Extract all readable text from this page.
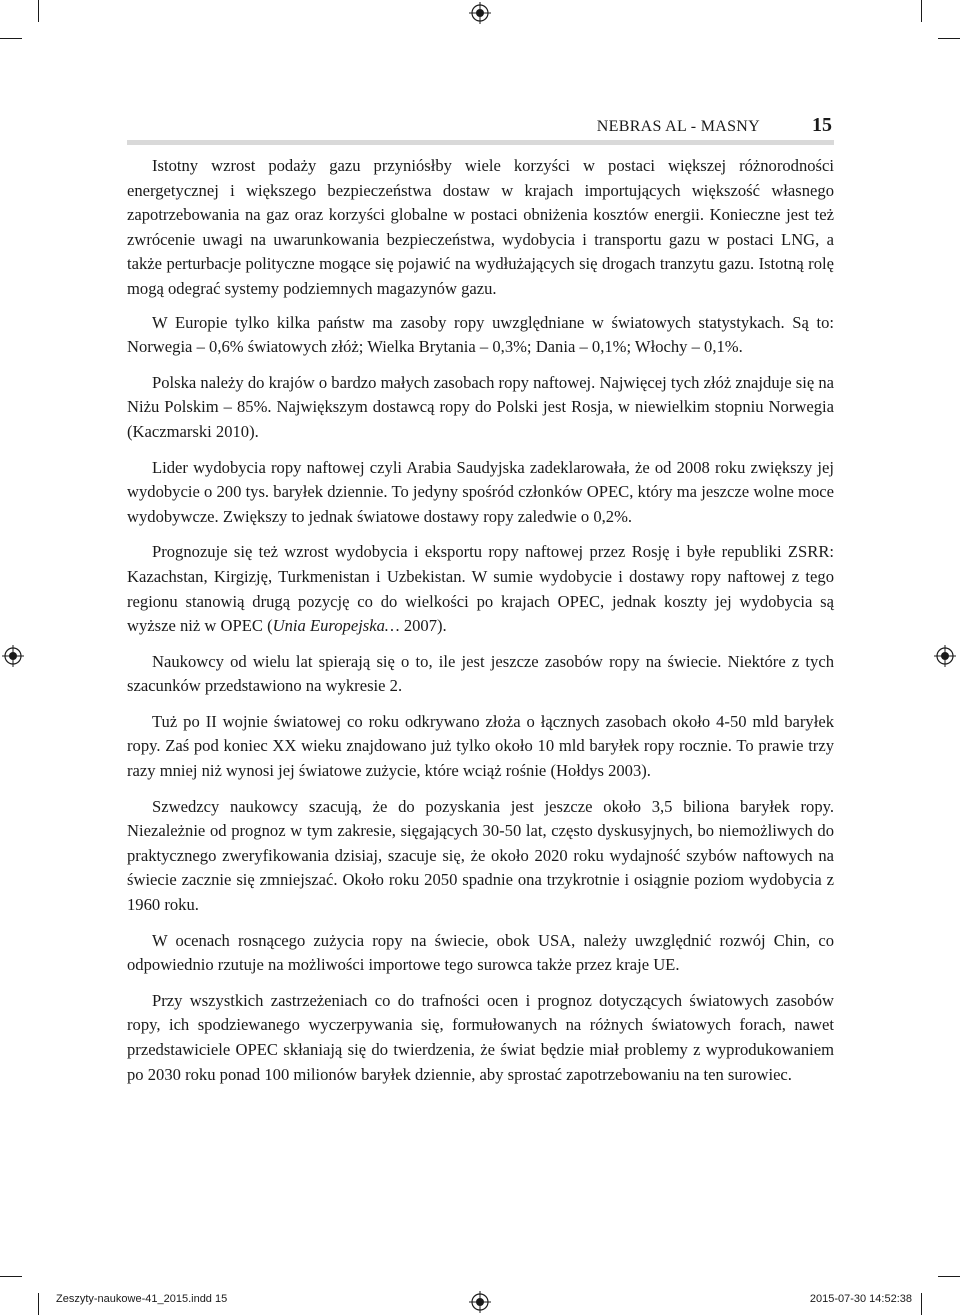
NEBRAS AL - MASNY	15

Istotny wzrost podaży gazu przyniósłby wiele korzyści w postaci większej różnorodności energetycznej i większego bezpieczeństwa dostaw w krajach importujących większość własnego zapotrzebowania na gaz oraz korzyści globalne w postaci obniżenia kosztów energii. Konieczne jest też zwrócenie uwagi na uwarunkowania bezpieczeństwa, wydobycia i transportu gazu w postaci LNG, a także perturbacje polityczne mogące się pojawić na wydłużających się drogach tranzytu gazu. Istotną rolę mogą odegrać systemy podziemnych magazynów gazu.

W Europie tylko kilka państw ma zasoby ropy uwzględniane w światowych statystykach. Są to: Norwegia – 0,6% światowych złóż; Wielka Brytania – 0,3%; Dania – 0,1%; Włochy – 0,1%.

Polska należy do krajów o bardzo małych zasobach ropy naftowej. Najwięcej tych złóż znajduje się na Niżu Polskim – 85%. Największym dostawcą ropy do Polski jest Rosja, w niewielkim stopniu Norwegia (Kaczmarski 2010).

Lider wydobycia ropy naftowej czyli Arabia Saudyjska zadeklarowała, że od 2008 roku zwiększy jej wydobycie o 200 tys. baryłek dziennie. To jedyny spośród członków OPEC, który ma jeszcze wolne moce wydobywcze. Zwiększy to jednak światowe dostawy ropy zaledwie o 0,2%.

Prognozuje się też wzrost wydobycia i eksportu ropy naftowej przez Rosję i byłe republiki ZSRR: Kazachstan, Kirgizję, Turkmenistan i Uzbekistan. W sumie wydobycie i dostawy ropy naftowej z tego regionu stanowią drugą pozycję co do wielkości po krajach OPEC, jednak koszty jej wydobycia są wyższe niż w OPEC (Unia Europejska… 2007).

Naukowcy od wielu lat spierają się o to, ile jest jeszcze zasobów ropy na świecie. Niektóre z tych szacunków przedstawiono na wykresie 2.

Tuż po II wojnie światowej co roku odkrywano złoża o łącznych zasobach około 4-50 mld baryłek ropy. Zaś pod koniec XX wieku znajdowano już tylko około 10 mld baryłek ropy rocznie. To prawie trzy razy mniej niż wynosi jej światowe zużycie, które wciąż rośnie (Hołdys 2003).

Szwedzcy naukowcy szacują, że do pozyskania jest jeszcze około 3,5 biliona baryłek ropy. Niezależnie od prognoz w tym zakresie, sięgających 30-50 lat, często dyskusyjnych, bo niemożliwych do praktycznego zweryfikowania dzisiaj, szacuje się, że około 2020 roku wydajność szybów naftowych na świecie zacznie się zmniejszać. Około roku 2050 spadnie ona trzykrotnie i osiągnie poziom wydobycia z 1960 roku.

W ocenach rosnącego zużycia ropy na świecie, obok USA, należy uwzględnić rozwój Chin, co odpowiednio rzutuje na możliwości importowe tego surowca także przez kraje UE.

Przy wszystkich zastrzeżeniach co do trafności ocen i prognoz dotyczących światowych zasobów ropy, ich spodziewanego wyczerpywania się, formułowanych na różnych światowych forach, nawet przedstawiciele OPEC skłaniają się do twierdzenia, że świat będzie miał problemy z wyprodukowaniem po 2030 roku ponad 100 milionów baryłek dziennie, aby sprostać zapotrzebowaniu na ten surowiec.

Zeszyty-naukowe-41_2015.indd 15	2015-07-30 14:52:38
